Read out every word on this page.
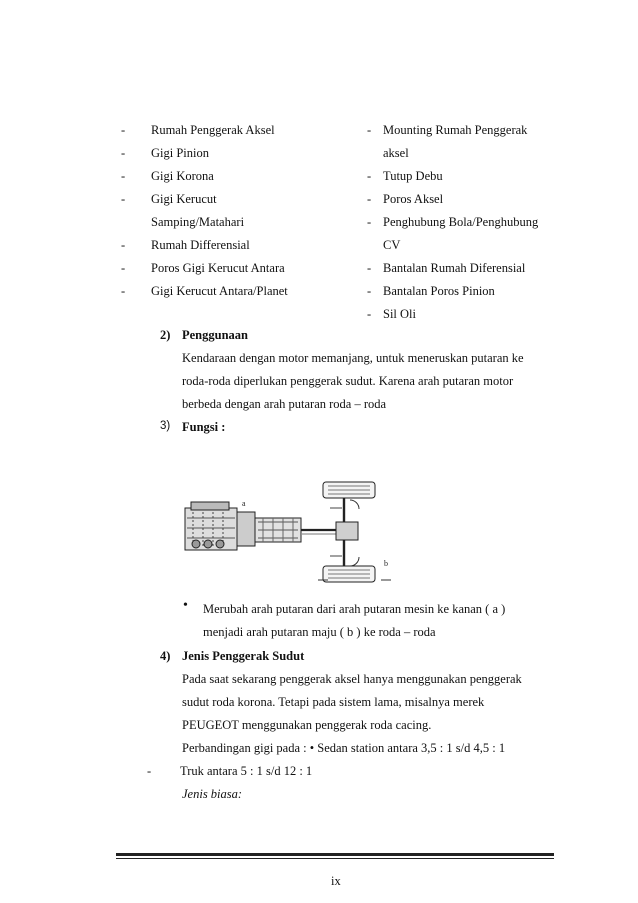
- Rumah Penggerak Aksel
- Gigi Pinion
- Gigi Korona
- Gigi Kerucut
Samping/Matahari
- Rumah Differensial
- Poros Gigi Kerucut Antara
- Gigi Kerucut Antara/Planet
- Mounting Rumah Penggerak
aksel
- Tutup Debu
- Poros Aksel
- Penghubung Bola/Penghubung
CV
- Bantalan Rumah Diferensial
- Bantalan Poros Pinion
- Sil Oli
2) Penggunaan
Kendaraan dengan motor memanjang, untuk meneruskan putaran ke
roda-roda diperlukan penggerak sudut. Karena arah putaran motor
berbeda dengan arah putaran roda – roda
3) Fungsi :
a
b
• Merubah arah putaran dari arah putaran mesin ke kanan ( a )
menjadi arah putaran maju ( b ) ke roda – roda
4) Jenis Penggerak Sudut
Pada saat sekarang penggerak aksel hanya menggunakan penggerak
sudut roda korona. Tetapi pada sistem lama, misalnya merek
PEUGEOT menggunakan penggerak roda cacing.
Perbandingan gigi pada : • Sedan station antara 3,5 : 1 s/d 4,5 : 1
- Truk antara 5 : 1 s/d 12 : 1
Jenis biasa:
ix
